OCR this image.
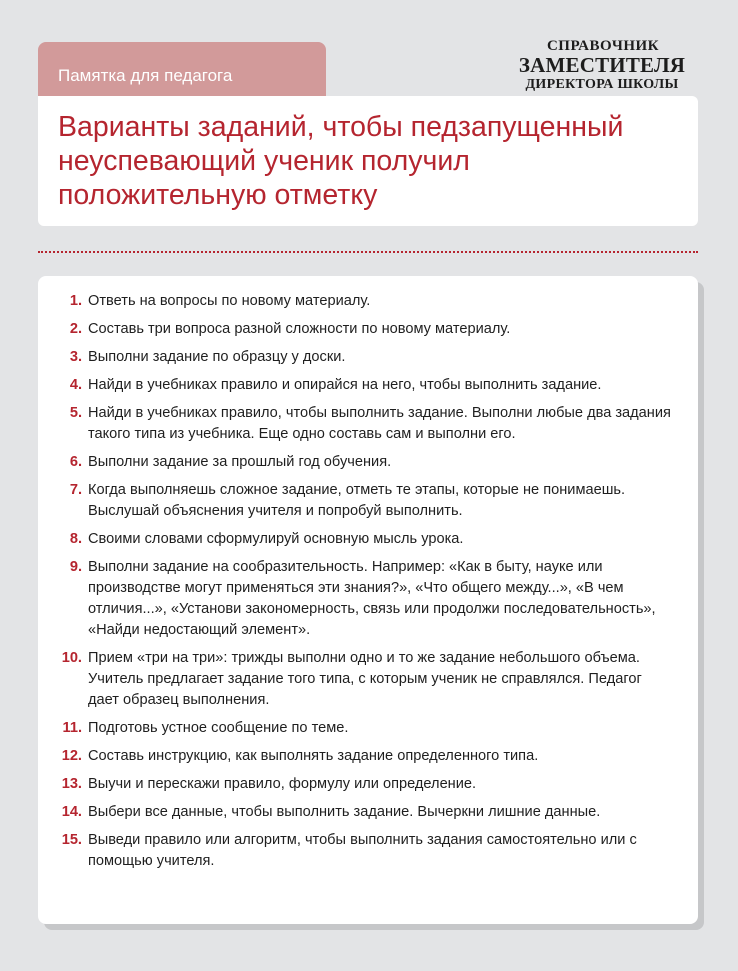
Памятка для педагога
СПРАВОЧНИК
ЗАМЕСТИТЕЛЯ
ДИРЕКТОРА ШКОЛЫ
Варианты заданий, чтобы педзапущенный неуспевающий ученик получил положительную отметку
1. Ответь на вопросы по новому материалу.
2. Составь три вопроса разной сложности по новому материалу.
3. Выполни задание по образцу у доски.
4. Найди в учебниках правило и опирайся на него, чтобы выполнить задание.
5. Найди в учебниках правило, чтобы выполнить задание. Выполни любые два задания такого типа из учебника. Еще одно составь сам и выполни его.
6. Выполни задание за прошлый год обучения.
7. Когда выполняешь сложное задание, отметь те этапы, которые не понимаешь. Выслушай объяснения учителя и попробуй выполнить.
8. Своими словами сформулируй основную мысль урока.
9. Выполни задание на сообразительность. Например: «Как в быту, науке или производстве могут применяться эти знания?», «Что общего между...», «В чем отличия...», «Установи закономерность, связь или продолжи последовательность», «Найди недостающий элемент».
10. Прием «три на три»: трижды выполни одно и то же задание небольшого объема. Учитель предлагает задание того типа, с которым ученик не справлялся. Педагог дает образец выполнения.
11. Подготовь устное сообщение по теме.
12. Составь инструкцию, как выполнять задание определенного типа.
13. Выучи и перескажи правило, формулу или определение.
14. Выбери все данные, чтобы выполнить задание. Вычеркни лишние данные.
15. Выведи правило или алгоритм, чтобы выполнить задания самостоятельно или с помощью учителя.
